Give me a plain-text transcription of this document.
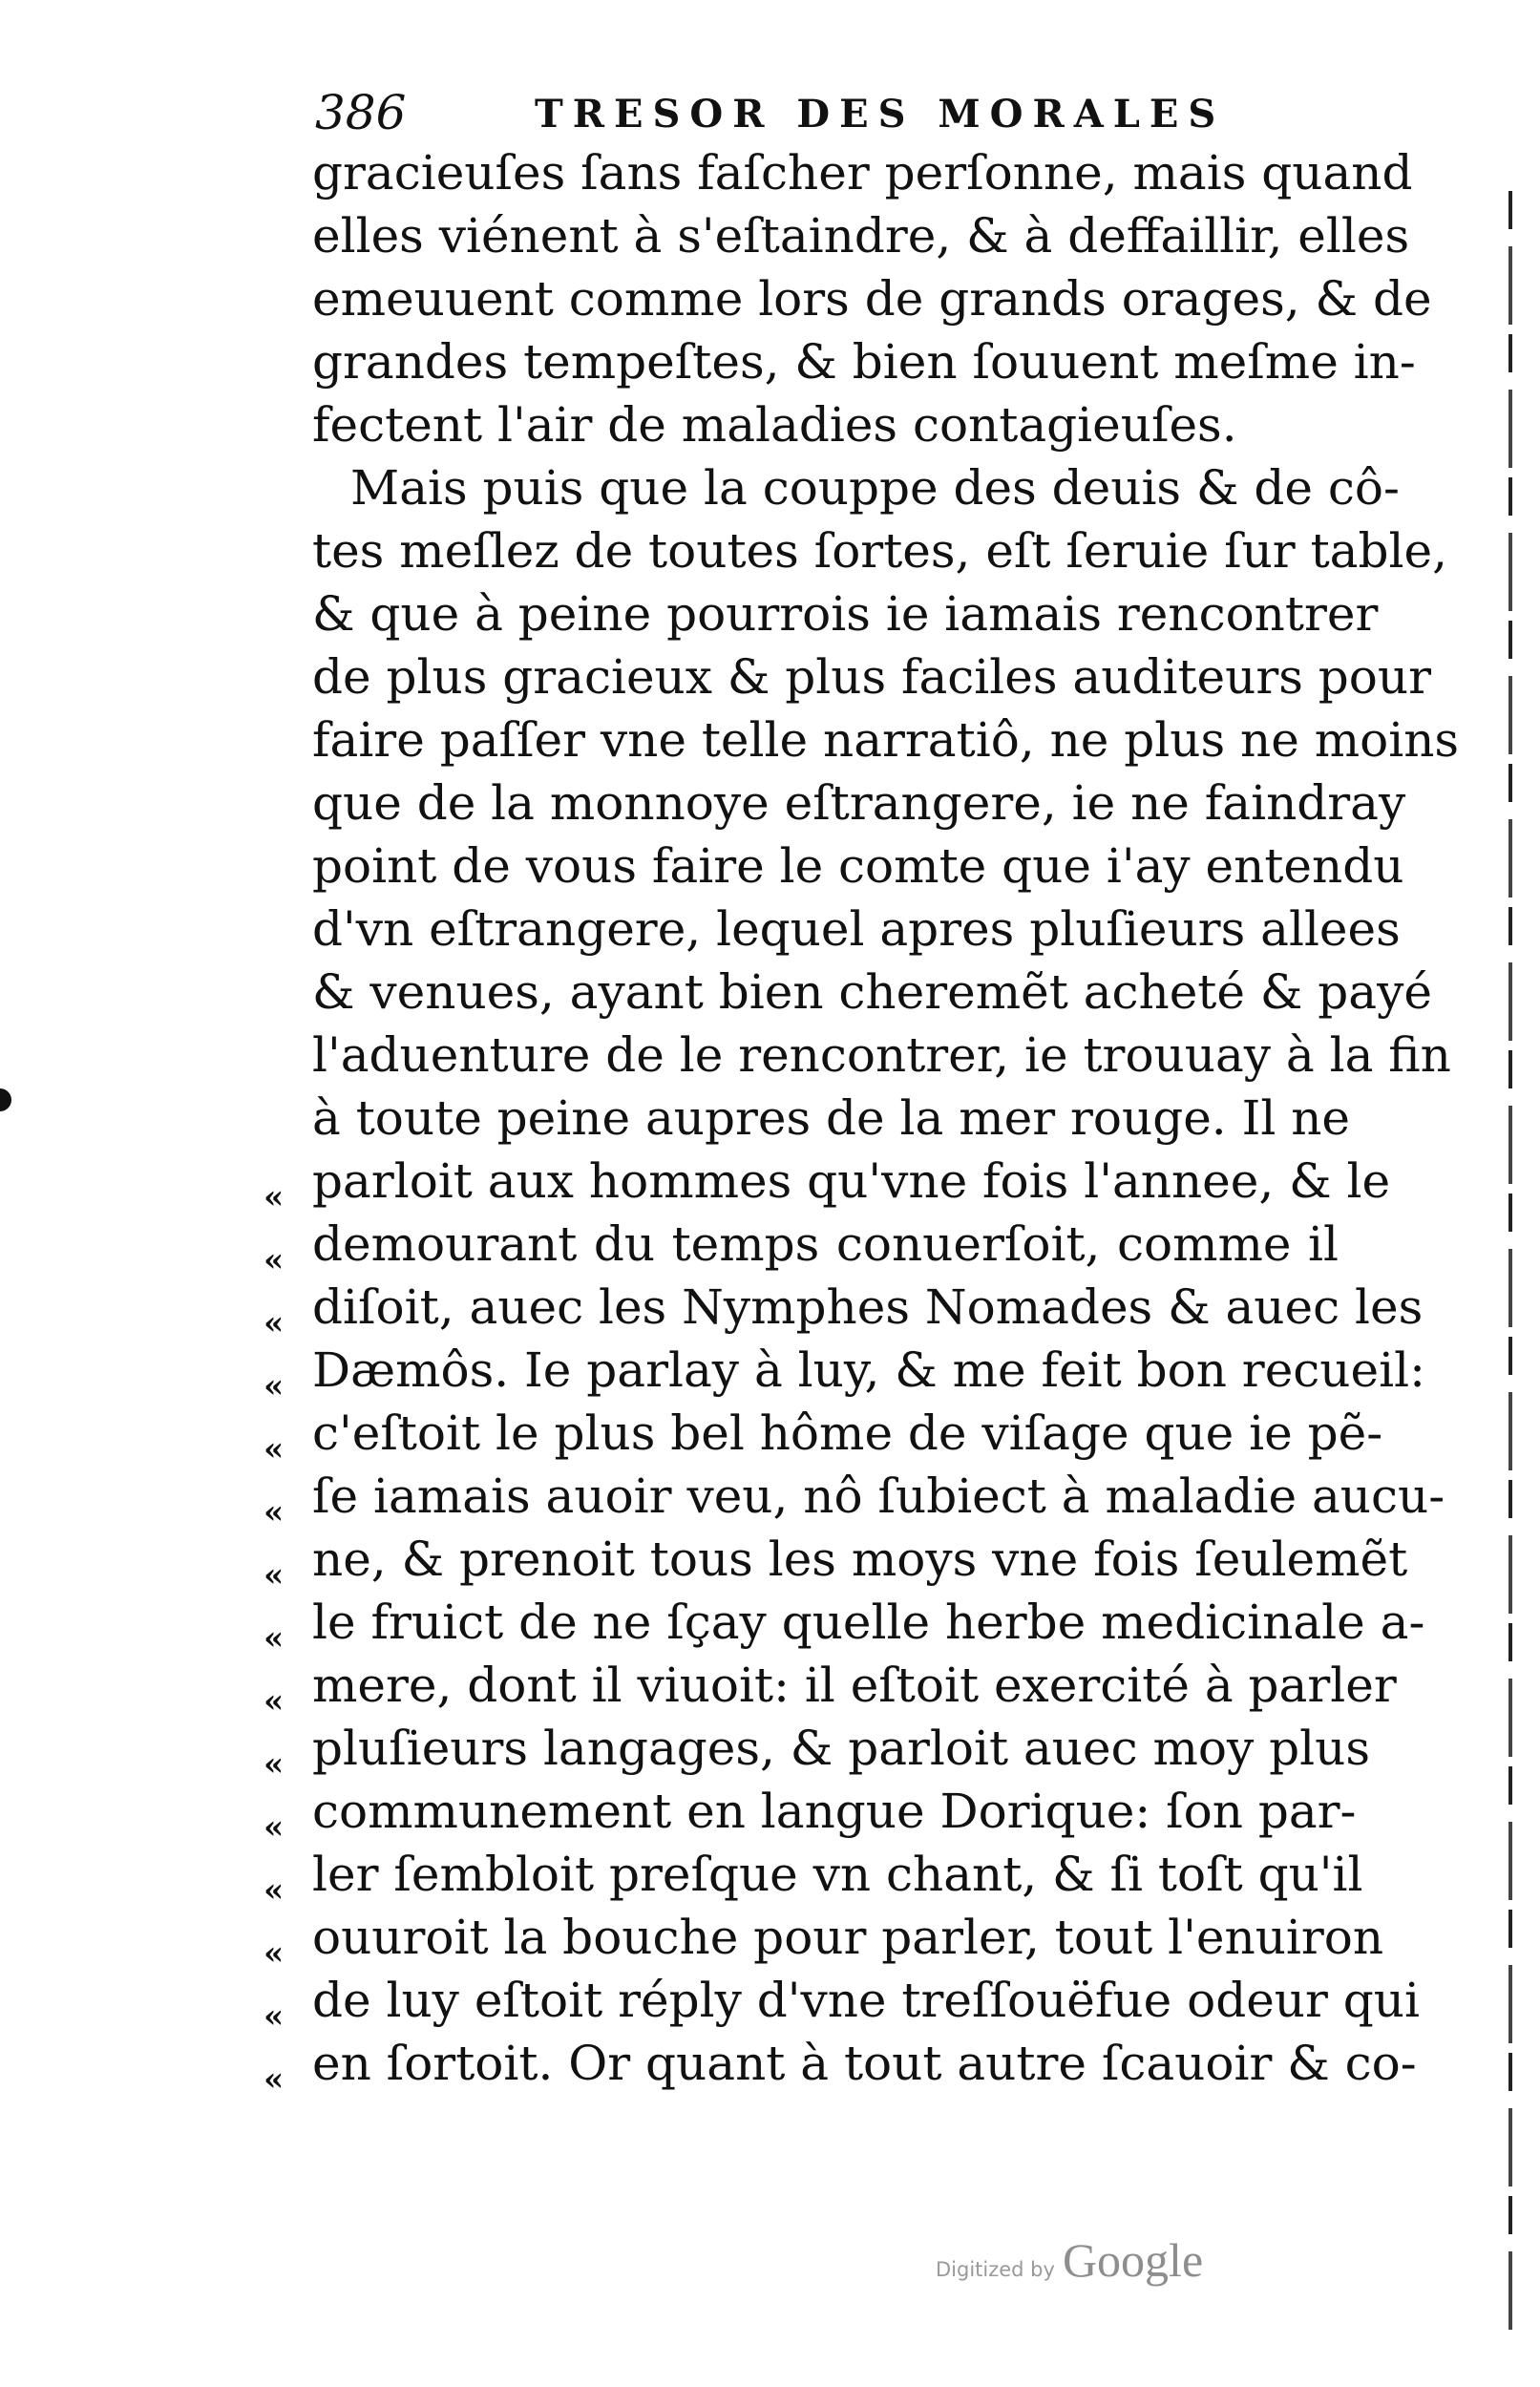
386	TRESOR DES MORALES
gracieuſes ſans faſcher perſonne, mais quand
elles viénent à s'eſtaindre, & à deffaillir, elles
emeuuent comme lors de grands orages, & de
grandes tempeſtes, & bien ſouuent meſme in-
fectent l'air de maladies contagieuſes.
Mais puis que la couppe des deuis & de cô-
tes meſlez de toutes ſortes, eſt ſeruie ſur table,
& que à peine pourrois ie iamais rencontrer
de plus gracieux & plus faciles auditeurs pour
faire paſſer vne telle narratiô, ne plus ne moins
que de la monnoye eſtrangere, ie ne faindray
point de vous faire le comte que i'ay entendu
d'vn eſtrangere, lequel apres pluſieurs allees
& venues, ayant bien cheremẽt acheté & payé
l'aduenture de le rencontrer, ie trouuay à la fin
à toute peine aupres de la mer rouge. Il ne
parloit aux hommes qu'vne fois l'annee, & le
demourant du temps conuerſoit, comme il
diſoit, auec les Nymphes Nomades & auec les
Dæmôs. Ie parlay à luy, & me feit bon recueil:
c'eſtoit le plus bel hôme de viſage que ie pẽ-
ſe iamais auoir veu, nô ſubiect à maladie aucu-
ne, & prenoit tous les moys vne fois ſeulemẽt
le fruict de ne ſçay quelle herbe medicinale a-
mere, dont il viuoit: il eſtoit exercité à parler
pluſieurs langages, & parloit auec moy plus
communement en langue Dorique: ſon par-
ler ſembloit preſque vn chant, & ſi toſt qu'il
ouuroit la bouche pour parler, tout l'enuiron
de luy eſtoit réply d'vne treſſouëfue odeur qui
en ſortoit. Or quant à tout autre ſcauoir & co-
«
«
«
«
«
«
«
«
«
«
«
«
«
«
«
Digitized by Google
